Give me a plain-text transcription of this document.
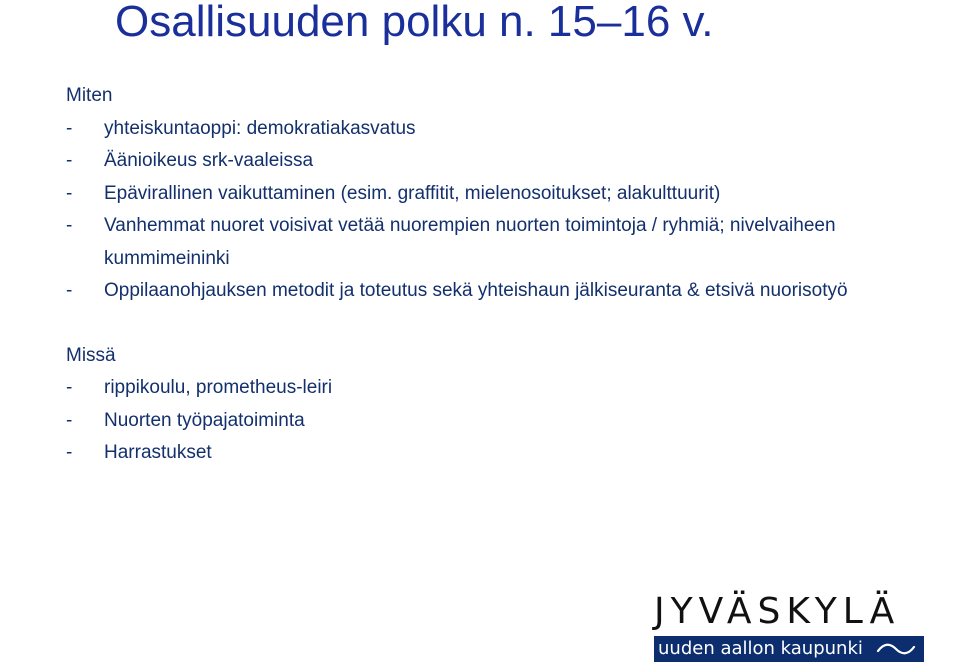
Osallisuuden polku n. 15–16 v.
Miten
-	yhteiskuntaoppi: demokratiakasvatus
-	Äänioikeus srk-vaaleissa
-	Epävirallinen vaikuttaminen (esim. graffitit, mielenosoitukset; alakulttuurit)
-	Vanhemmat nuoret voisivat vetää nuorempien nuorten toimintoja / ryhmiä; nivelvaiheen kummimeininki
-	Oppilaanohjauksen metodit ja toteutus sekä yhteishaun jälkiseuranta & etsivä nuorisotyö
Missä
-	rippikoulu, prometheus-leiri
-	Nuorten työpajatoiminta
-	Harrastukset
JYVÄSKYLÄ
uuden aallon kaupunki
